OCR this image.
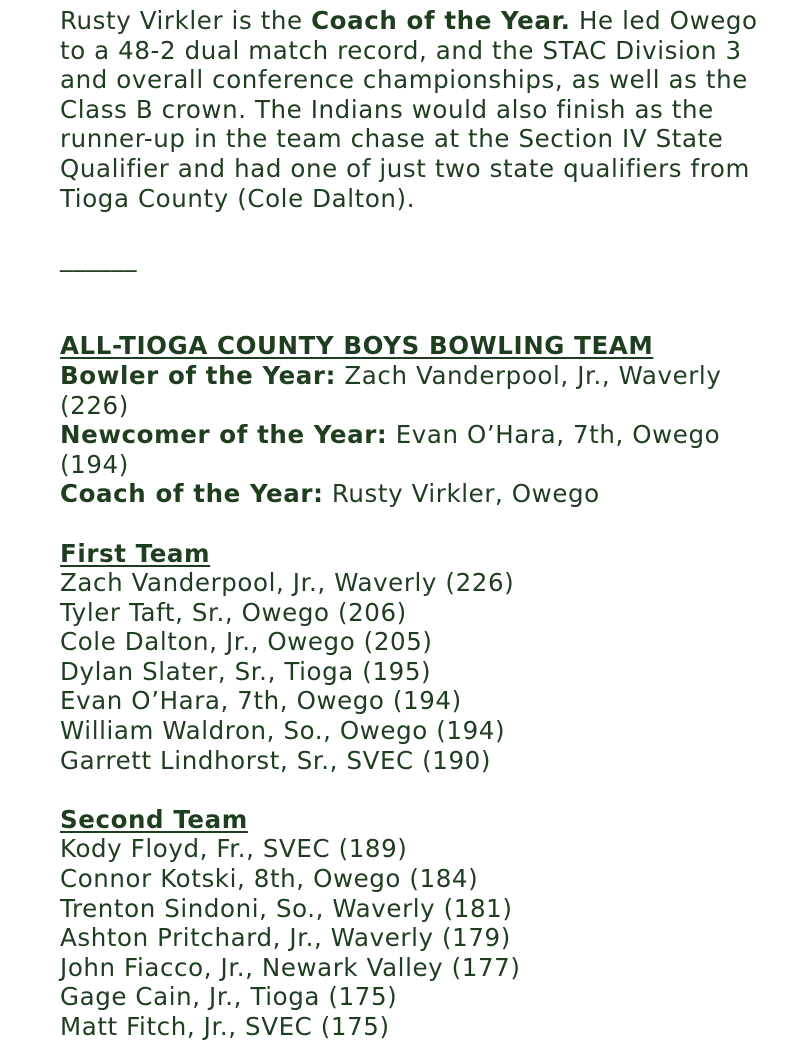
Rusty Virkler is the Coach of the Year. He led Owego to a 48-2 dual match record, and the STAC Division 3 and overall conference championships, as well as the Class B crown. The Indians would also finish as the runner-up in the team chase at the Section IV State Qualifier and had one of just two state qualifiers from Tioga County (Cole Dalton).

______

ALL-TIOGA COUNTY BOYS BOWLING TEAM

Bowler of the Year: Zach Vanderpool, Jr., Waverly (226)

Newcomer of the Year: Evan O’Hara, 7th, Owego (194)

Coach of the Year: Rusty Virkler, Owego

First Team
Zach Vanderpool, Jr., Waverly (226)
Tyler Taft, Sr., Owego (206)
Cole Dalton, Jr., Owego (205)
Dylan Slater, Sr., Tioga (195)
Evan O’Hara, 7th, Owego (194)
William Waldron, So., Owego (194)
Garrett Lindhorst, Sr., SVEC (190)
Second Team
Kody Floyd, Fr., SVEC (189)
Connor Kotski, 8th, Owego (184)
Trenton Sindoni, So., Waverly (181)
Ashton Pritchard, Jr., Waverly (179)
John Fiacco, Jr., Newark Valley (177)
Gage Cain, Jr., Tioga (175)
Matt Fitch, Jr., SVEC (175)
